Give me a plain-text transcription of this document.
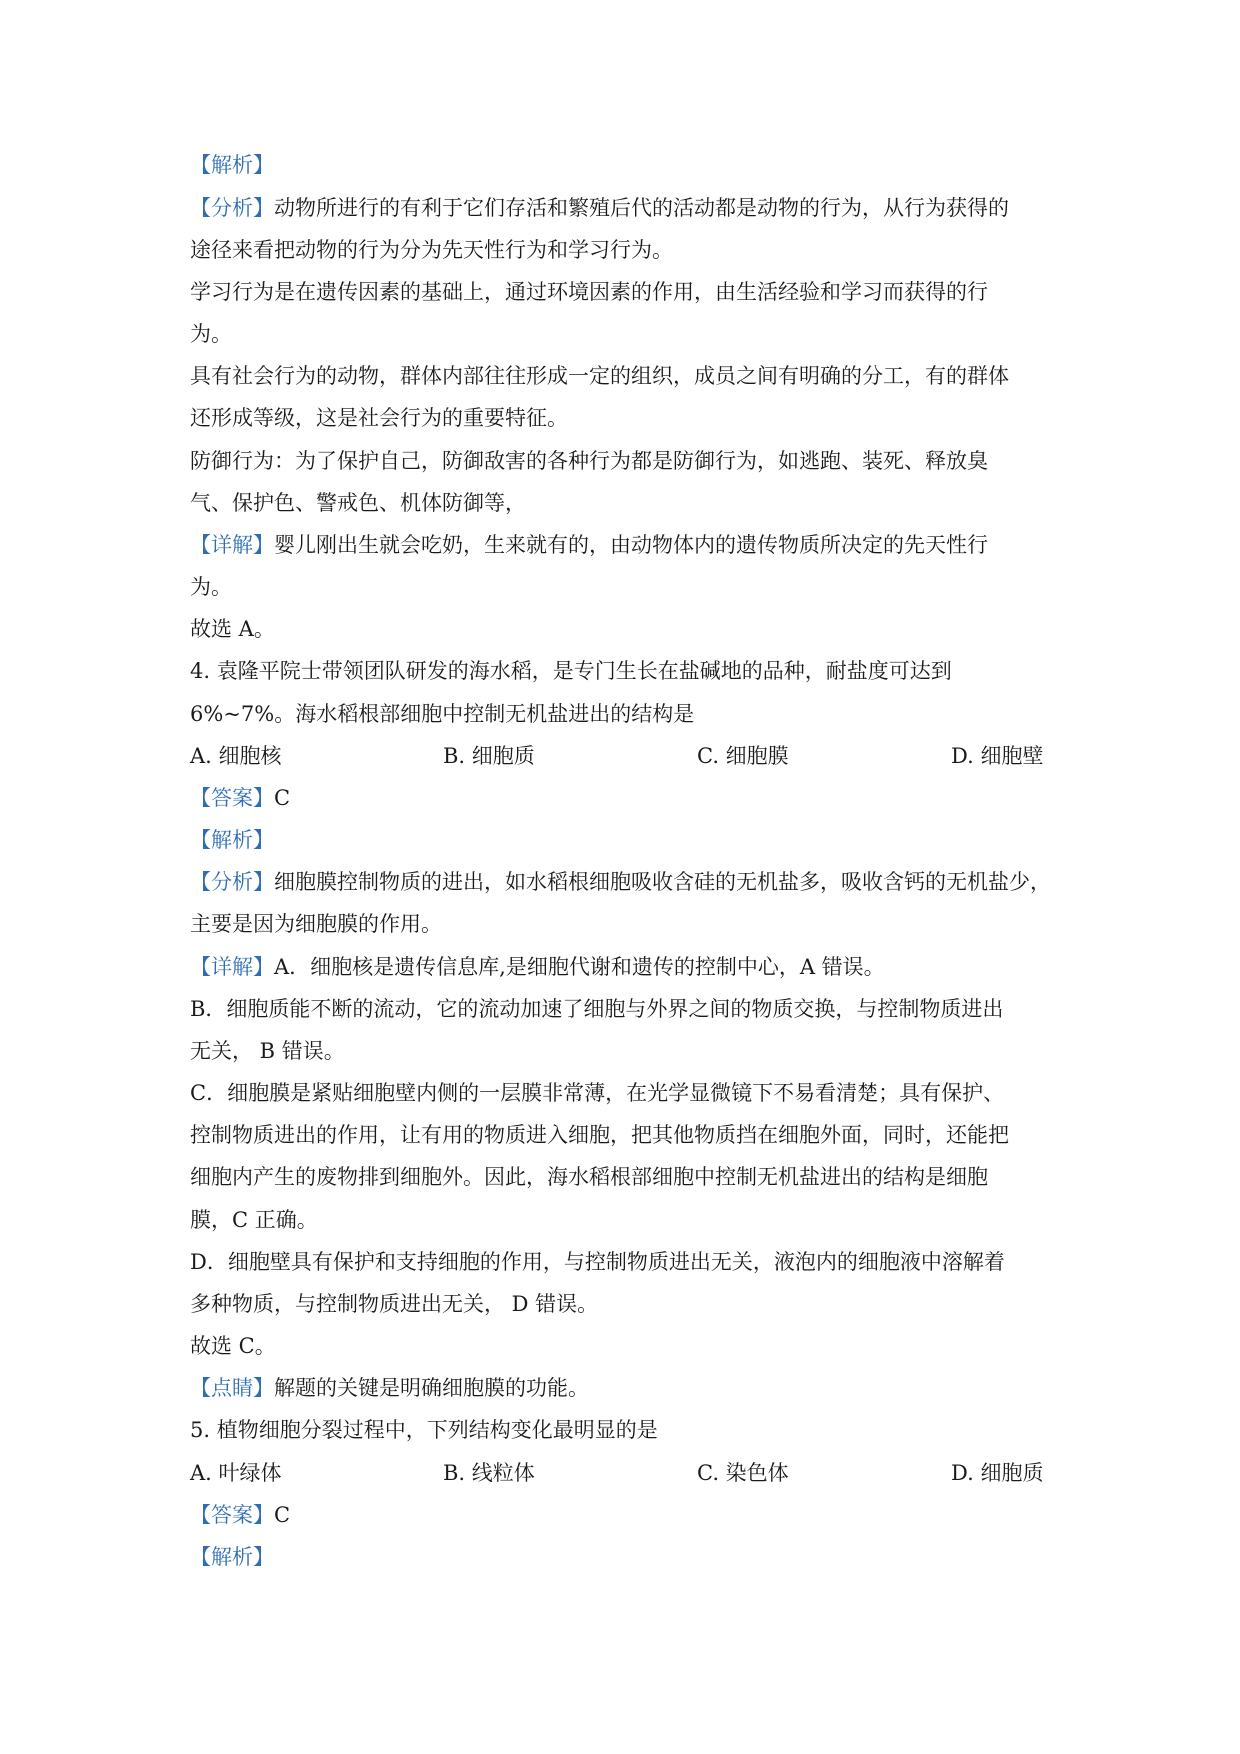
【解析】
【分析】动物所进行的有利于它们存活和繁殖后代的活动都是动物的行为，从行为获得的
途径来看把动物的行为分为先天性行为和学习行为。
学习行为是在遗传因素的基础上，通过环境因素的作用，由生活经验和学习而获得的行
为。
具有社会行为的动物，群体内部往往形成一定的组织，成员之间有明确的分工，有的群体
还形成等级，这是社会行为的重要特征。
防御行为：为了保护自己，防御敌害的各种行为都是防御行为，如逃跑、装死、释放臭
气、保护色、警戒色、机体防御等，
【详解】婴儿刚出生就会吃奶，生来就有的，由动物体内的遗传物质所决定的先天性行
为。
故选 A。
4. 袁隆平院士带领团队研发的海水稻，是专门生长在盐碱地的品种，耐盐度可达到
6%~7%。海水稻根部细胞中控制无机盐进出的结构是
A. 细胞核	B. 细胞质	C. 细胞膜	D. 细胞壁
【答案】C
【解析】
【分析】细胞膜控制物质的进出，如水稻根细胞吸收含硅的无机盐多，吸收含钙的无机盐少，
主要是因为细胞膜的作用。
【详解】A．细胞核是遗传信息库,是细胞代谢和遗传的控制中心，A 错误。
B．细胞质能不断的流动，它的流动加速了细胞与外界之间的物质交换，与控制物质进出
无关， B 错误。
C．细胞膜是紧贴细胞壁内侧的一层膜非常薄，在光学显微镜下不易看清楚；具有保护、
控制物质进出的作用，让有用的物质进入细胞，把其他物质挡在细胞外面，同时，还能把
细胞内产生的废物排到细胞外。因此，海水稻根部细胞中控制无机盐进出的结构是细胞
膜，C 正确。
D．细胞壁具有保护和支持细胞的作用，与控制物质进出无关，液泡内的细胞液中溶解着
多种物质，与控制物质进出无关， D 错误。
故选 C。
【点睛】解题的关键是明确细胞膜的功能。
5. 植物细胞分裂过程中，下列结构变化最明显的是
A. 叶绿体	B. 线粒体	C. 染色体	D. 细胞质
【答案】C
【解析】
